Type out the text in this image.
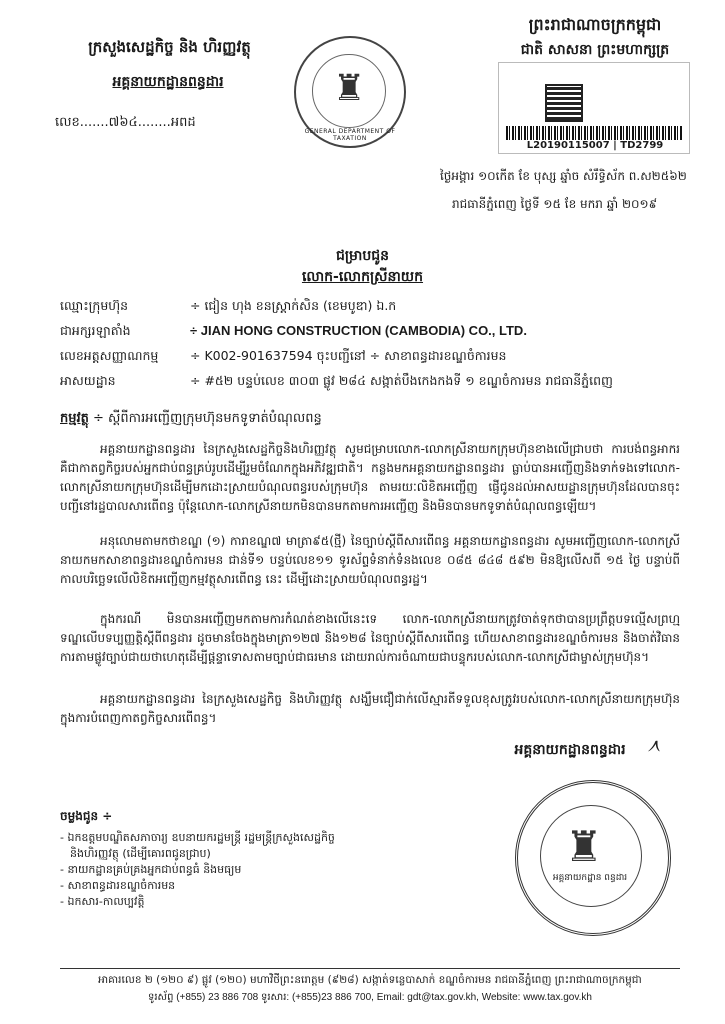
ក្រសួងសេដ្ឋកិច្ច និង ហិរញ្ញវត្ថុ
អគ្គនាយកដ្ឋានពន្ធដារ
លេខ.......៧៦៤........អពដ
♜
GENERAL DEPARTMENT OF TAXATION
ព្រះរាជាណាចក្រកម្ពុជា
ជាតិ សាសនា ព្រះមហាក្សត្រ
L20190115007 | TD2799
ថ្ងៃអង្គារ ១០កើត ខែ បុស្ស ឆ្នាំច សំរឹទ្ធិស័ក ព.ស២៥៦២
រាជធានីភ្នំពេញ ថ្ងៃទី ១៥ ខែ មករា ឆ្នាំ ២០១៩
ជម្រាបជូន
លោក-លោកស្រីនាយក
ឈ្មោះក្រុមហ៊ុន	÷ ជៀន ហុង ខនស្ត្រាក់សិន (ខេមបូឌា) ឯ.ក
ជាអក្សរឡាតាំង	÷ JIAN HONG CONSTRUCTION (CAMBODIA) CO., LTD.
លេខអត្តសញ្ញាណកម្ម	÷ K002-901637594 ចុះបញ្ជីនៅ ÷ សាខាពន្ធដារខណ្ឌចំការមន
អាសយដ្ឋាន	÷ #៥២ បន្ទប់លេខ ៣០៣ ផ្លូវ ២៨៤ សង្កាត់បឹងកេងកងទី ១ ខណ្ឌចំការមន រាជធានីភ្នំពេញ
កម្មវត្ថុ ÷ ស្តីពីការអញ្ជើញក្រុមហ៊ុនមកទូទាត់បំណុលពន្ធ
អគ្គនាយកដ្ឋានពន្ធដារ នៃក្រសួងសេដ្ឋកិច្ចនិងហិរញ្ញវត្ថុ សូមជម្រាបលោក-លោកស្រីនាយកក្រុមហ៊ុនខាងលើជ្រាបថា ការបង់ពន្ធអាករគឺជាកាតព្វកិច្ចរបស់អ្នកជាប់ពន្ធគ្រប់រូបដើម្បីរួមចំណែកក្នុងអភិវឌ្ឍជាតិ។ កន្លងមកអគ្គនាយកដ្ឋានពន្ធដារ ធ្លាប់បានអញ្ជើញនិងទាក់ទងទៅលោក-លោកស្រីនាយកក្រុមហ៊ុនដើម្បីមកដោះស្រាយបំណុលពន្ធរបស់ក្រុមហ៊ុន តាមរយៈលិខិតអញ្ជើញ ផ្ញើជូនដល់អាសយដ្ឋានក្រុមហ៊ុនដែលបានចុះបញ្ជីនៅរដ្ឋបាលសារពើពន្ធ ប៉ុន្តែលោក-លោកស្រីនាយកមិនបានមកតាមការអញ្ជើញ និងមិនបានមកទូទាត់បំណុលពន្ធឡើយ។
អនុលោមតាមកថាខណ្ឌ (១) ការាខណ្ឌ៧ មាត្រា៩៥(ថ្មី) នៃច្បាប់ស្តីពីសារពើពន្ធ អគ្គនាយកដ្ឋានពន្ធដារ សូមអញ្ជើញលោក-លោកស្រីនាយកមកសាខាពន្ធដារខណ្ឌចំការមន ជាន់ទី១ បន្ទប់លេខ១១ ទូរស័ព្ទទំនាក់ទំនងលេខ ០៨៥ ៨៤៨ ៥៩២ មិនឱ្យលើសពី ១៥ ថ្ងៃ បន្ទាប់ពីកាលបរិច្ឆេទលើលិខិតអញ្ជើញកម្មវត្ថុសារពើពន្ធ នេះ ដើម្បីដោះស្រាយបំណុលពន្ធរដ្ឋ។
ក្នុងករណី មិនបានអញ្ជើញមកតាមការកំណត់ខាងលើនេះទេ លោក-លោកស្រីនាយកត្រូវចាត់ទុកថាបានប្រព្រឹត្តបទល្មើសព្រហ្មទណ្ឌលើបទប្បញ្ញត្តិស្តីពីពន្ធដារ ដូចមានចែងក្នុងមាត្រា១២៧ និង១២៨ នៃច្បាប់ស្តីពីសារពើពន្ធ ហើយសាខាពន្ធដារខណ្ឌចំការមន និងចាត់វិធានការតាមផ្លូវច្បាប់ជាយថាហេតុដើម្បីផ្តន្ទាទោសតាមច្បាប់ជាធរមាន ដោយរាល់ការចំណាយជាបន្ទុករបស់លោក-លោកស្រីជាម្ចាស់ក្រុមហ៊ុន។
អគ្គនាយកដ្ឋានពន្ធដារ នៃក្រសួងសេដ្ឋកិច្ច និងហិរញ្ញវត្ថុ សង្ឃឹមជឿជាក់លើស្មារតីទទួលខុសត្រូវរបស់លោក-លោកស្រីនាយកក្រុមហ៊ុន ក្នុងការបំពេញកាតព្វកិច្ចសារពើពន្ធ។
អគ្គនាយកដ្ឋានពន្ធដារ	᧘
♜
អគ្គនាយកដ្ឋាន ពន្ធដារ
ចម្លងជូន ÷
- ឯកឧត្តមបណ្ឌិតសភាចារ្យ ឧបនាយករដ្ឋមន្ត្រី រដ្ឋមន្ត្រីក្រសួងសេដ្ឋកិច្ច និងហិរញ្ញវត្ថុ (ដើម្បីគោរពជូនជ្រាប)
- នាយកដ្ឋានគ្រប់គ្រងអ្នកជាប់ពន្ធធំ និងមធ្យម
- សាខាពន្ធដារខណ្ឌចំការមន
- ឯកសារ-កាលប្បវត្តិ
អាគារលេខ ២ (១២០ ៩) ផ្លូវ (១២០) មហាវិថីព្រះនរោត្តម (៩២៨) សង្កាត់ទន្លេបាសាក់ ខណ្ឌចំការមន រាជធានីភ្នំពេញ ព្រះរាជាណាចក្រកម្ពុជា
ទូរស័ព្ទ (+855) 23 886 708 ទូរសារ: (+855)23 886 700, Email: gdt@tax.gov.kh, Website: www.tax.gov.kh
